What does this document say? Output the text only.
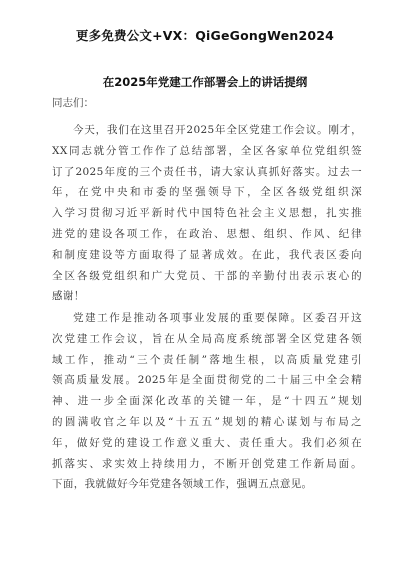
更多免费公文+VX：QiGeGongWen2024
在2025年党建工作部署会上的讲话提纲
同志们：
今天，我们在这里召开2025年全区党建工作会议。刚才，
XX同志就分管工作作了总结部署，全区各家单位党组织签
订了2025年度的三个责任书，请大家认真抓好落实。过去一
年，在党中央和市委的坚强领导下，全区各级党组织深
入学习贯彻习近平新时代中国特色社会主义思想，扎实推
进党的建设各项工作，在政治、思想、组织、作风、纪律
和制度建设等方面取得了显著成效。在此，我代表区委向
全区各级党组织和广大党员、干部的辛勤付出表示衷心的
感谢！
党建工作是推动各项事业发展的重要保障。区委召开这
次党建工作会议，旨在从全局高度系统部署全区党建各领
域工作，推动“三个责任制”落地生根，以高质量党建引
领高质量发展。2025年是全面贯彻党的二十届三中全会精
神、进一步全面深化改革的关键一年，是“十四五”规划
的圆满收官之年以及“十五五”规划的精心谋划与布局之
年，做好党的建设工作意义重大、责任重大。我们必须在
抓落实、求实效上持续用力，不断开创党建工作新局面。
下面，我就做好今年党建各领域工作，强调五点意见。
